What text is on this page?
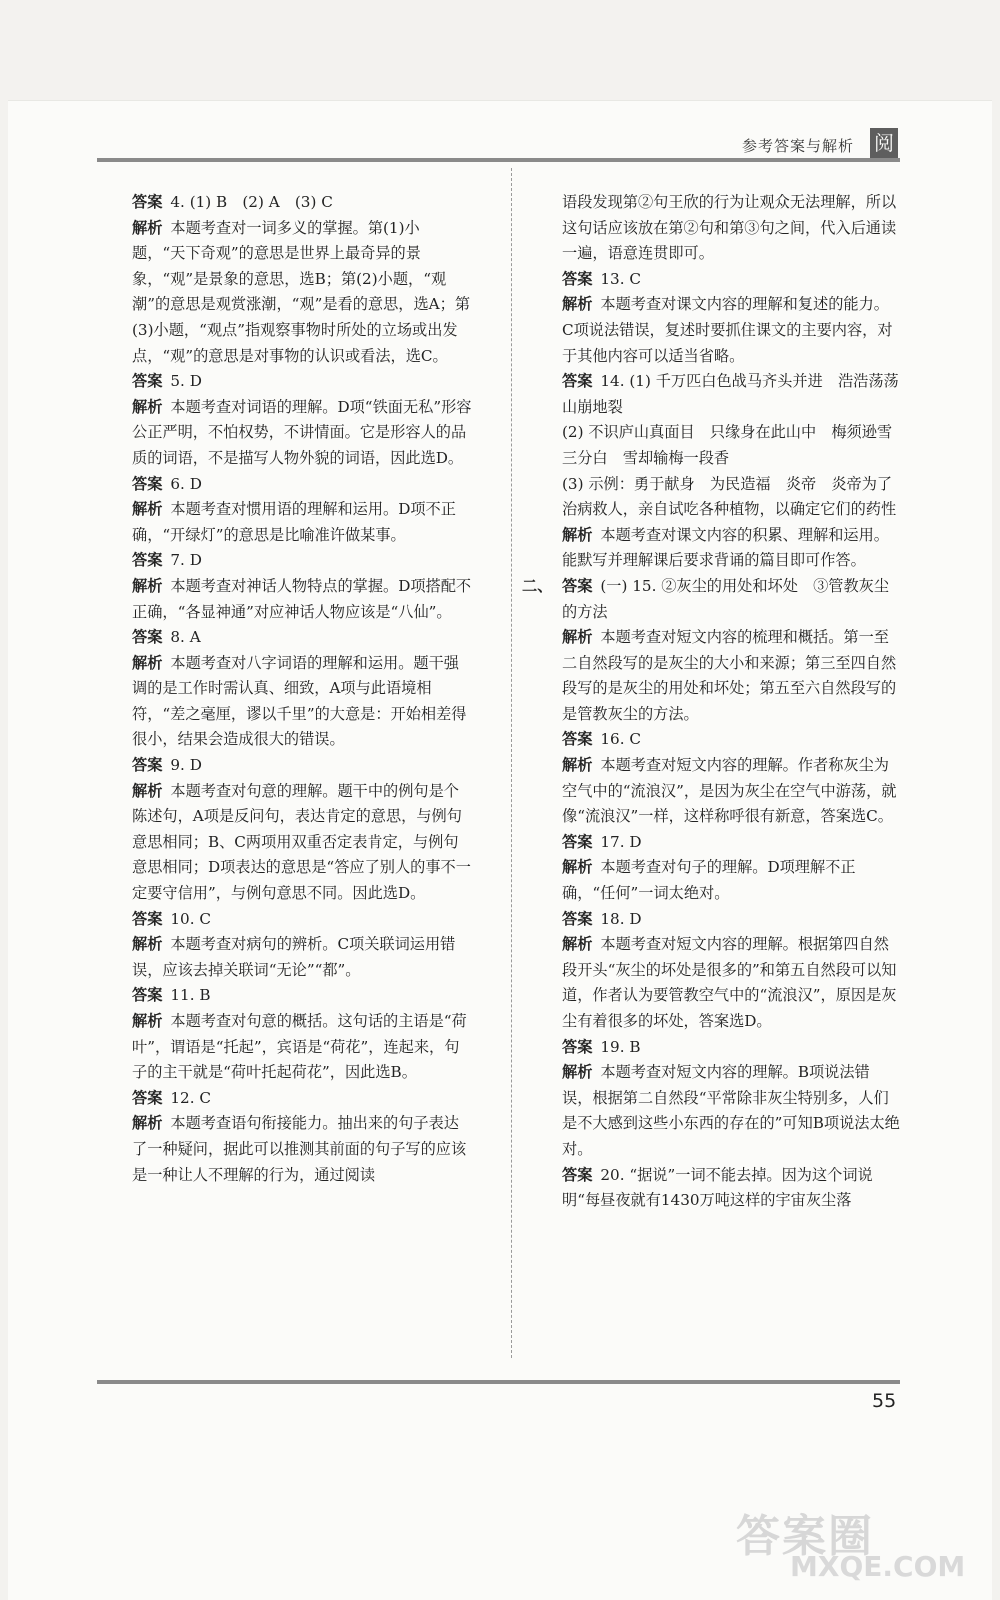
参考答案与解析 阅
答案 4. (1) B　(2) A　(3) C
解析 本题考查对一词多义的掌握。第(1)小题，“天下奇观”的意思是世界上最奇异的景象，“观”是景象的意思，选B；第(2)小题，“观潮”的意思是观赏涨潮，“观”是看的意思，选A；第(3)小题，“观点”指观察事物时所处的立场或出发点，“观”的意思是对事物的认识或看法，选C。
答案 5. D
解析 本题考查对词语的理解。D项“铁面无私”形容公正严明，不怕权势，不讲情面。它是形容人的品质的词语，不是描写人物外貌的词语，因此选D。
答案 6. D
解析 本题考查对惯用语的理解和运用。D项不正确，“开绿灯”的意思是比喻准许做某事。
答案 7. D
解析 本题考查对神话人物特点的掌握。D项搭配不正确，“各显神通”对应神话人物应该是“八仙”。
答案 8. A
解析 本题考查对八字词语的理解和运用。题干强调的是工作时需认真、细致，A项与此语境相符，“差之毫厘，谬以千里”的大意是：开始相差得很小，结果会造成很大的错误。
答案 9. D
解析 本题考查对句意的理解。题干中的例句是个陈述句，A项是反问句，表达肯定的意思，与例句意思相同；B、C两项用双重否定表肯定，与例句意思相同；D项表达的意思是“答应了别人的事不一定要守信用”，与例句意思不同。因此选D。
答案 10. C
解析 本题考查对病句的辨析。C项关联词运用错误，应该去掉关联词“无论”“都”。
答案 11. B
解析 本题考查对句意的概括。这句话的主语是“荷叶”，谓语是“托起”，宾语是“荷花”，连起来，句子的主干就是“荷叶托起荷花”，因此选B。
答案 12. C
解析 本题考查语句衔接能力。抽出来的句子表达了一种疑问，据此可以推测其前面的句子写的应该是一种让人不理解的行为，通过阅读
语段发现第②句王欣的行为让观众无法理解，所以这句话应该放在第②句和第③句之间，代入后通读一遍，语意连贯即可。
答案 13. C
解析 本题考查对课文内容的理解和复述的能力。C项说法错误，复述时要抓住课文的主要内容，对于其他内容可以适当省略。
答案 14. (1) 千万匹白色战马齐头并进　浩浩荡荡　山崩地裂
(2) 不识庐山真面目　只缘身在此山中　梅须逊雪三分白　雪却输梅一段香
(3) 示例：勇于献身　为民造福　炎帝　炎帝为了治病救人，亲自试吃各种植物，以确定它们的药性
解析 本题考查对课文内容的积累、理解和运用。能默写并理解课后要求背诵的篇目即可作答。
二、 答案 (一) 15. ②灰尘的用处和坏处　③管教灰尘的方法
解析 本题考查对短文内容的梳理和概括。第一至二自然段写的是灰尘的大小和来源；第三至四自然段写的是灰尘的用处和坏处；第五至六自然段写的是管教灰尘的方法。
答案 16. C
解析 本题考查对短文内容的理解。作者称灰尘为空气中的“流浪汉”，是因为灰尘在空气中游荡，就像“流浪汉”一样，这样称呼很有新意，答案选C。
答案 17. D
解析 本题考查对句子的理解。D项理解不正确，“任何”一词太绝对。
答案 18. D
解析 本题考查对短文内容的理解。根据第四自然段开头“灰尘的坏处是很多的”和第五自然段可以知道，作者认为要管教空气中的“流浪汉”，原因是灰尘有着很多的坏处，答案选D。
答案 19. B
解析 本题考查对短文内容的理解。B项说法错误，根据第二自然段“平常除非灰尘特别多，人们是不大感到这些小东西的存在的”可知B项说法太绝对。
答案 20. “据说”一词不能去掉。因为这个词说明“每昼夜就有1430万吨这样的宇宙灰尘落
55
答案圈
MXQE.COM
